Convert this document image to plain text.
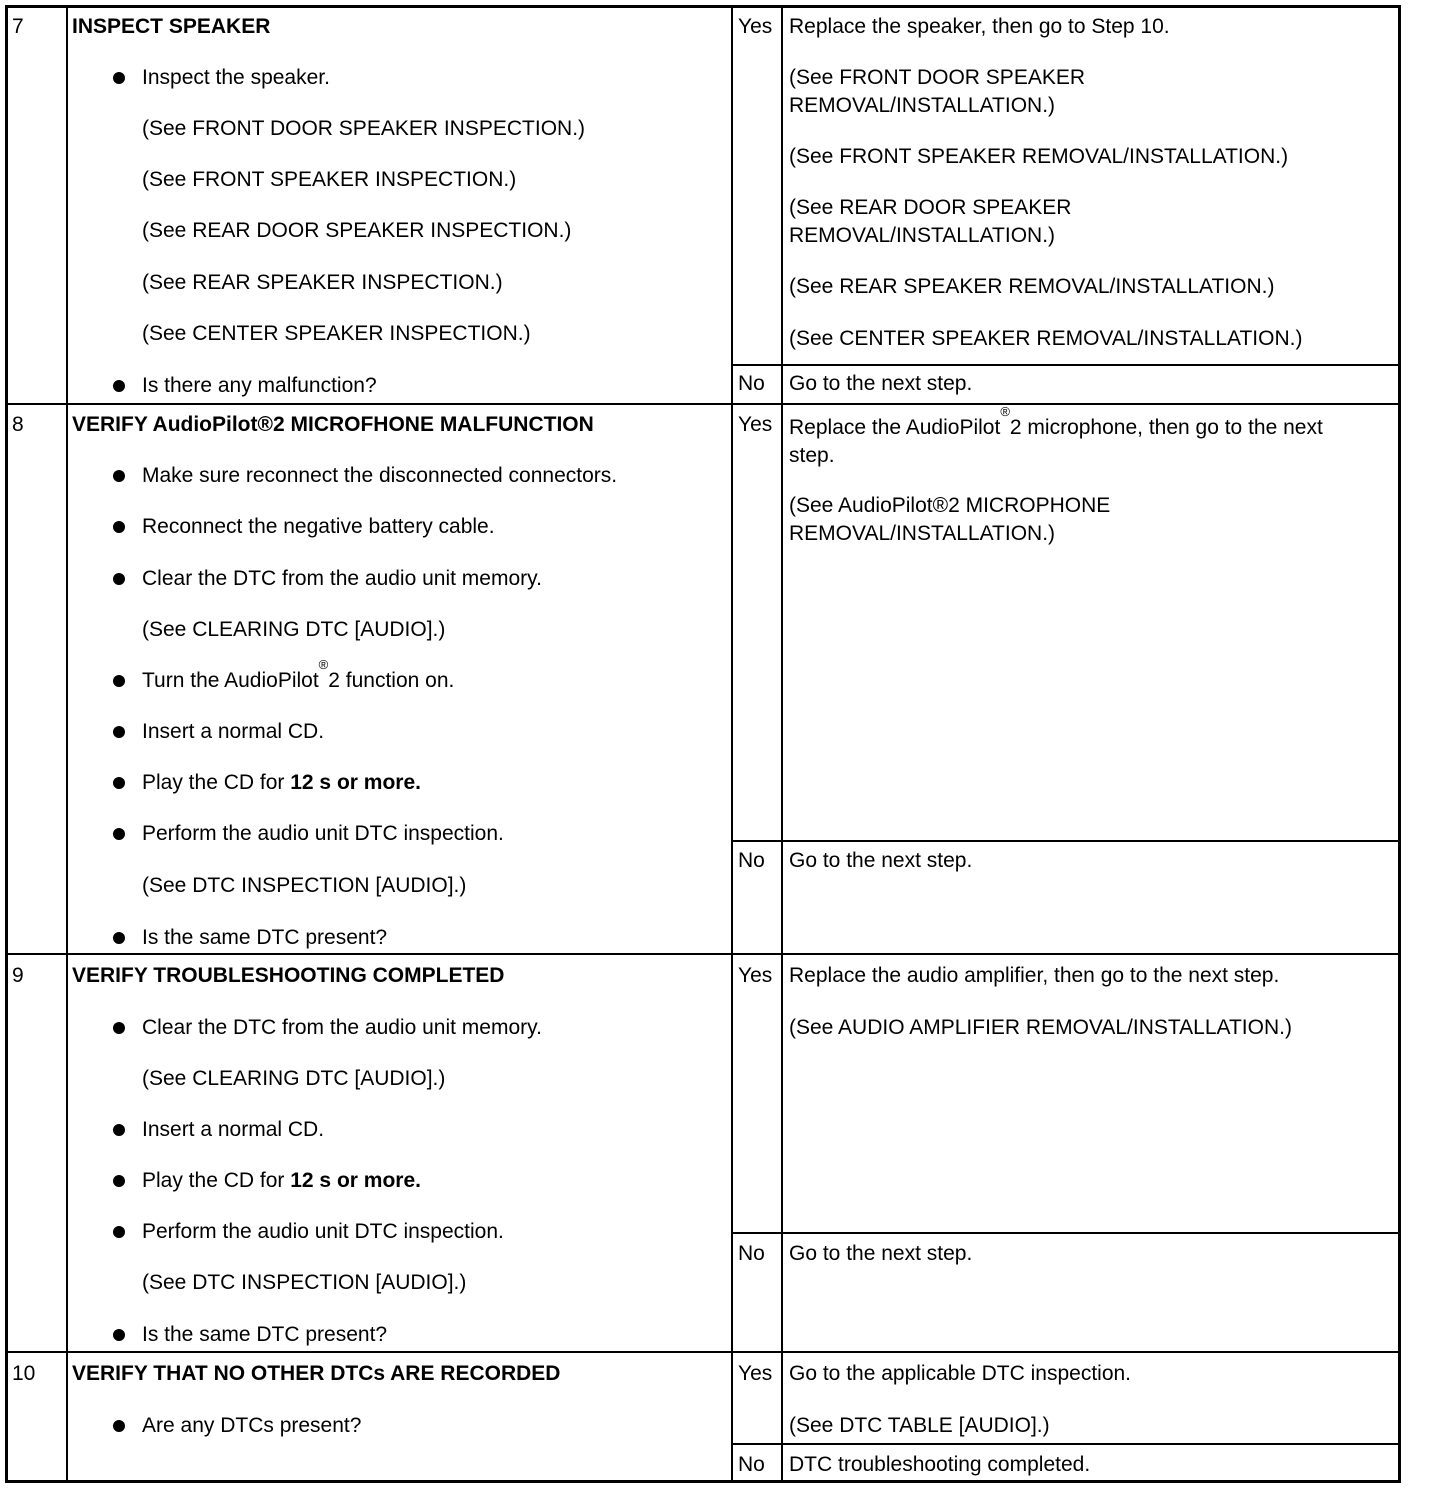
7 INSPECT SPEAKER
Inspect the speaker.
(See FRONT DOOR SPEAKER INSPECTION.)
(See FRONT SPEAKER INSPECTION.)
(See REAR DOOR SPEAKER INSPECTION.)
(See REAR SPEAKER INSPECTION.)
(See CENTER SPEAKER INSPECTION.)
Is there any malfunction?
Yes Replace the speaker, then go to Step 10.
(See FRONT DOOR SPEAKER
REMOVAL/INSTALLATION.)
(See FRONT SPEAKER REMOVAL/INSTALLATION.)
(See REAR DOOR SPEAKER
REMOVAL/INSTALLATION.)
(See REAR SPEAKER REMOVAL/INSTALLATION.)
(See CENTER SPEAKER REMOVAL/INSTALLATION.)
No Go to the next step.
8 VERIFY AudioPilot®2 MICROFHONE MALFUNCTION
Make sure reconnect the disconnected connectors.
Reconnect the negative battery cable.
Clear the DTC from the audio unit memory.
(See CLEARING DTC [AUDIO].)
Turn the AudioPilot®2 function on.
Insert a normal CD.
Play the CD for 12 s or more.
Perform the audio unit DTC inspection.
(See DTC INSPECTION [AUDIO].)
Is the same DTC present?
Yes Replace the AudioPilot®2 microphone, then go to the next
step.
(See AudioPilot®2 MICROPHONE
REMOVAL/INSTALLATION.)
No Go to the next step.
9 VERIFY TROUBLESHOOTING COMPLETED
Clear the DTC from the audio unit memory.
(See CLEARING DTC [AUDIO].)
Insert a normal CD.
Play the CD for 12 s or more.
Perform the audio unit DTC inspection.
(See DTC INSPECTION [AUDIO].)
Is the same DTC present?
Yes Replace the audio amplifier, then go to the next step.
(See AUDIO AMPLIFIER REMOVAL/INSTALLATION.)
No Go to the next step.
10 VERIFY THAT NO OTHER DTCs ARE RECORDED
Are any DTCs present?
Yes Go to the applicable DTC inspection.
(See DTC TABLE [AUDIO].)
No DTC troubleshooting completed.
